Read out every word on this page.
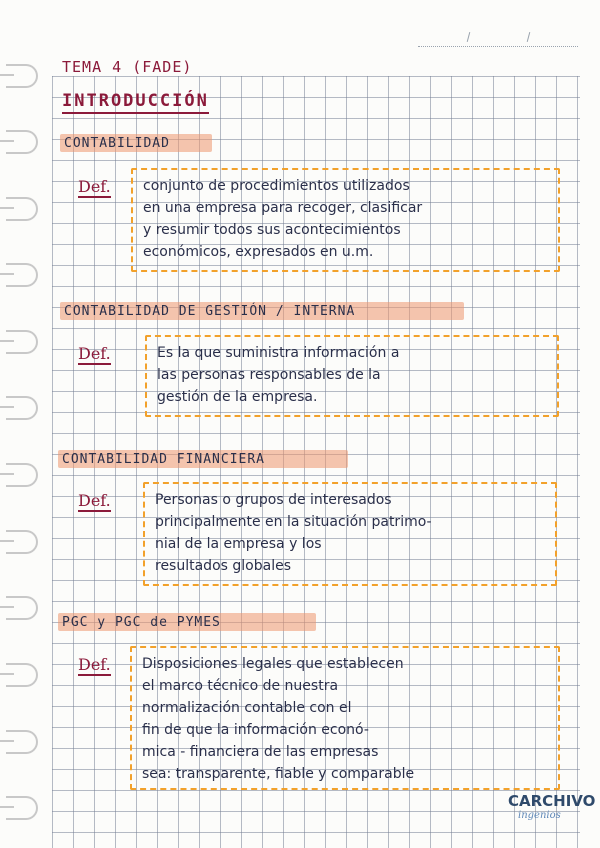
TEMA 4 (FADE)
INTRODUCCIÓN
CONTABILIDAD
Def. conjunto de procedimientos utilizados
en una empresa para recoger, clasificar
y resumir todos sus acontecimientos
económicos, expresados en u.m.
CONTABILIDAD DE GESTIÓN / INTERNA
Def.	Es la que suministra información a
las personas responsables de la
gestión de la empresa.
CONTABILIDAD FINANCIERA
Def.	Personas o grupos de interesados
principalmente en la situación patrimo-
nial de la empresa y los
resultados globales
PGC y PGC de PYMES
Def. Disposiciones legales que establecen
el marco técnico de nuestra
normalización contable con el
fin de que la información econó-
mica - financiera de las empresas
sea: transparente, fiable y comparable
CARCHIVO
ingenios
